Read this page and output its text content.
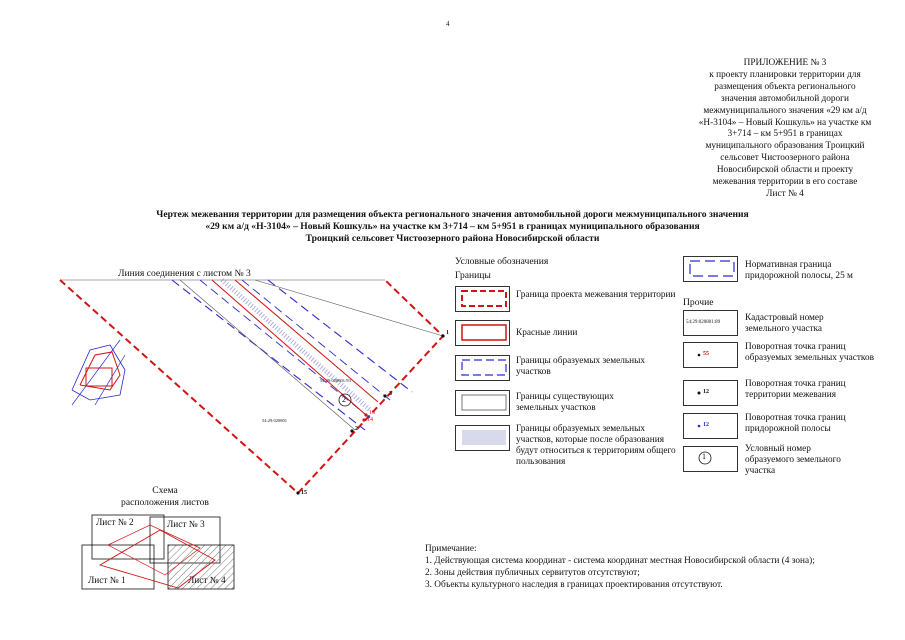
4
ПРИЛОЖЕНИЕ № 3
к проекту планировки территории для
размещения объекта регионального
значения автомобильной дороги
межмуниципального значения «29 км а/д
«Н-3104» – Новый Кошкуль» на участке км
3+714 – км 5+951 в границах
муниципального образования Троицкий
сельсовет Чистоозерного района
Новосибирской области и проекту
межевания территории в его составе
Лист № 4
Чертеж межевания территории для размещения объекта регионального значения автомобильной дороги межмуниципального значения
«29 км а/д «Н-3104» – Новый Кошкуль» на участке км 3+714 – км 5+951 в границах муниципального образования
Троицкий сельсовет Чистоозерного района Новосибирской области
Линия соединения с листом № 3
54:29:020801
54:29:020801:93
2
1
3
2
13
14
15
Схема
расположения листов
Лист № 2	Лист № 3
Лист № 1	Лист № 4
Условные обозначения
Границы
Граница проекта межевания территории
Красные линии
Границы образуемых земельных участков
Границы существующих земельных участков
Границы образуемых земельных участков, которые после образования будут относиться к территориям общего пользования
Нормативная граница придорожной полосы, 25 м
Прочие
54:29:020801:89	Кадастровый номер земельного участка
55
Поворотная точка границ образуемых земельных участков
12
Поворотная точка границ территории межевания
12
Поворотная точка границ придорожной полосы
1
Условный номер образуемого земельного участка
Примечание:
1. Действующая система координат - система координат местная Новосибирской области (4 зона);
2. Зоны действия публичных сервитутов отсутствуют;
3. Объекты культурного наследия в границах проектирования отсутствуют.
